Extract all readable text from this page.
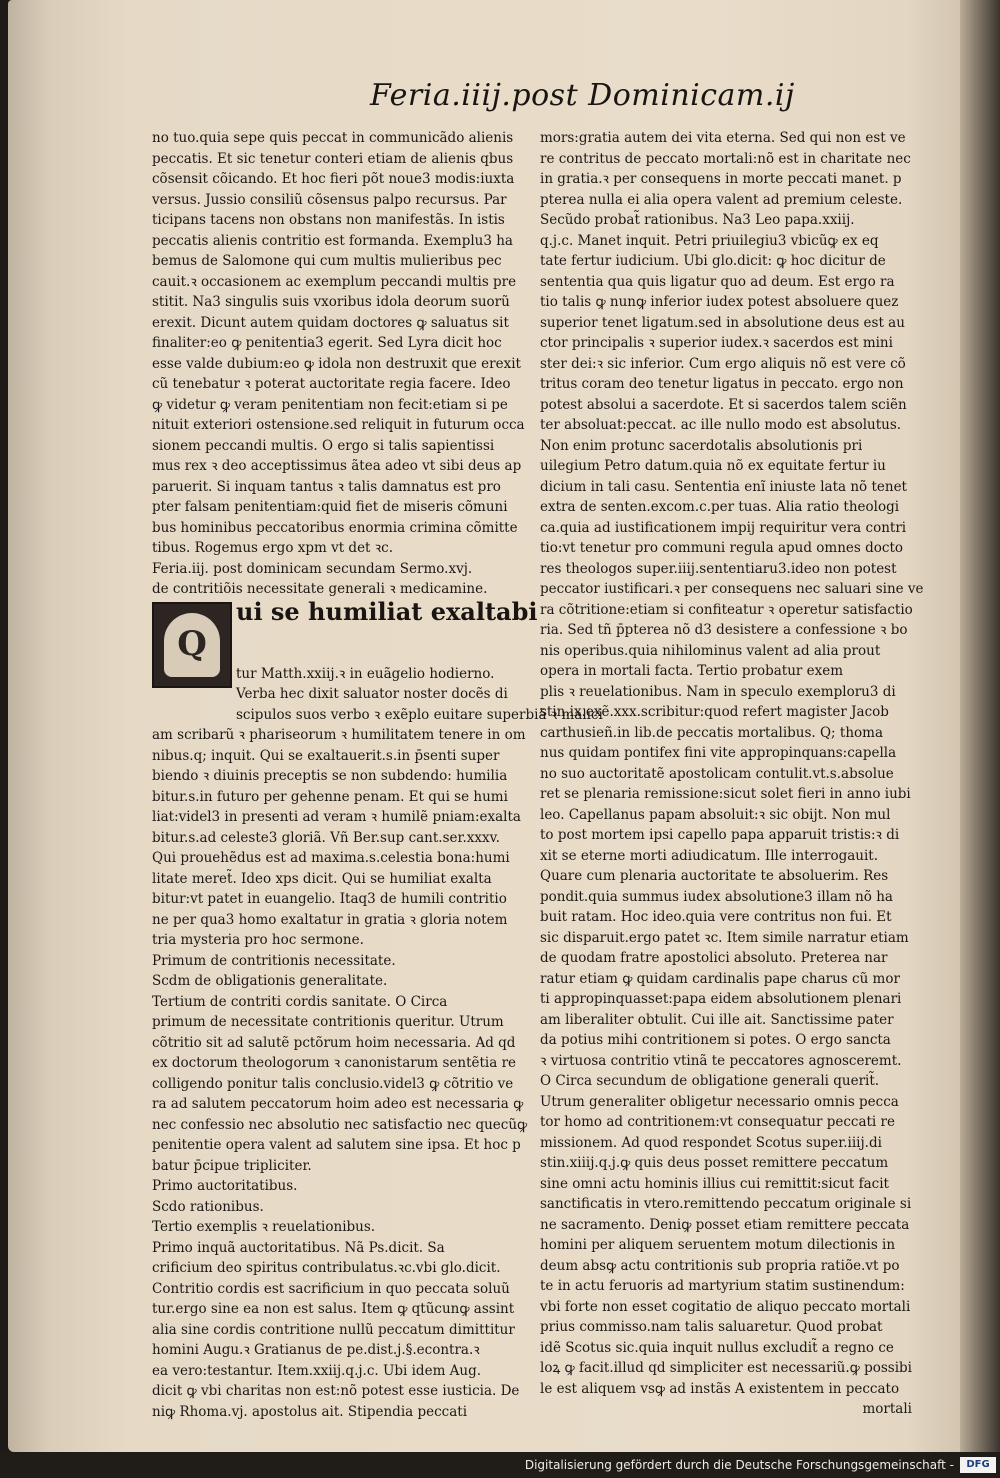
Feria.iiij.post Dominicam.ij
no tuo.quia sepe quis peccat in communicãdo alienis
peccatis. Et sic tenetur conteri etiam de alienis qbus
cõsensit cõicando. Et hoc fieri põt noue3 modis:iuxta
versus. Jussio consiliũ cõsensus palpo recursus. Par
ticipans tacens non obstans non manifestãs. In istis
peccatis alienis contritio est formanda. Exemplu3 ha
bemus de Salomone qui cum multis mulieribus pec
cauit.ꝛ occasionem ac exemplum peccandi multis pre
stitit. Na3 singulis suis vxoribus idola deorum suorũ
erexit. Dicunt autem quidam doctores ꝙ saluatus sit
finaliter:eo ꝙ penitentia3 egerit. Sed Lyra dicit hoc
esse valde dubium:eo ꝙ idola non destruxit que erexit
cũ tenebatur ꝛ poterat auctoritate regia facere. Ideo
ꝙ videtur ꝙ veram penitentiam non fecit:etiam si pe
nituit exteriori ostensione.sed reliquit in futurum occa
sionem peccandi multis. O ergo si talis sapientissi
mus rex ꝛ deo acceptissimus ãtea adeo vt sibi deus ap
paruerit. Si inquam tantus ꝛ talis damnatus est pro
pter falsam penitentiam:quid fiet de miseris cõmuni
bus hominibus peccatoribus enormia crimina cõmitte
tibus. Rogemus ergo xpm vt det ꝛc.
Feria.iij. post dominicam secundam Sermo.xvj.
de contritiõis necessitate generali ꝛ medicamine.
Q
ui se humiliat exaltabi
tur Matth.xxiij.ꝛ in euãgelio hodierno.
Verba hec dixit saluator noster docẽs di
scipulos suos verbo ꝛ exẽplo euitare superbiã ꝛ malici
am scribarũ ꝛ phariseorum ꝛ humilitatem tenere in om
nibus.q; inquit. Qui se exaltauerit.s.in p̄senti super
biendo ꝛ diuinis preceptis se non subdendo: humilia
bitur.s.in futuro per gehenne penam. Et qui se humi
liat:videl3 in presenti ad veram ꝛ humilẽ pniam:exalta
bitur.s.ad celeste3 gloriã. Vñ Ber.sup cant.ser.xxxv.
Qui prouehẽdus est ad maxima.s.celestia bona:humi
litate meret̃. Ideo xps dicit. Qui se humiliat exalta
bitur:vt patet in euangelio. Itaq3 de humili contritio
ne per qua3 homo exaltatur in gratia ꝛ gloria notem
tria mysteria pro hoc sermone.
Primum de contritionis necessitate.
Scdm de obligationis generalitate.
Tertium de contriti cordis sanitate. O Circa
primum de necessitate contritionis queritur. Utrum
cõtritio sit ad salutẽ pctõrum hoim necessaria. Ad qd
ex doctorum theologorum ꝛ canonistarum sentẽtia re
colligendo ponitur talis conclusio.videl3 ꝙ cõtritio ve
ra ad salutem peccatorum hoim adeo est necessaria ꝙ
nec confessio nec absolutio nec satisfactio nec quecũꝙ
penitentie opera valent ad salutem sine ipsa. Et hoc p
batur p̄cipue tripliciter.
Primo auctoritatibus.
Scdo rationibus.
Tertio exemplis ꝛ reuelationibus.
Primo inquã auctoritatibus. Nã Ps.dicit. Sa
crificium deo spiritus contribulatus.ꝛc.vbi glo.dicit.
Contritio cordis est sacrificium in quo peccata soluũ
tur.ergo sine ea non est salus. Item ꝙ qtũcunꝙ assint
alia sine cordis contritione nullũ peccatum dimittitur
homini Augu.ꝛ Gratianus de pe.dist.j.§.econtra.ꝛ
ea vero:testantur. Item.xxiij.q.j.c. Ubi idem Aug.
dicit ꝙ vbi charitas non est:nõ potest esse iusticia. De
niꝙ Rhoma.vj. apostolus ait. Stipendia peccati
mors:gratia autem dei vita eterna. Sed qui non est ve
re contritus de peccato mortali:nõ est in charitate nec
in gratia.ꝛ per consequens in morte peccati manet. p
pterea nulla ei alia opera valent ad premium celeste.
Secũdo probat̃ rationibus. Na3 Leo papa.xxiij.
q.j.c. Manet inquit. Petri priuilegiu3 vbicũꝙ ex eq
tate fertur iudicium. Ubi glo.dicit: ꝙ hoc dicitur de
sententia qua quis ligatur quo ad deum. Est ergo ra
tio talis ꝙ nunꝙ inferior iudex potest absoluere quez
superior tenet ligatum.sed in absolutione deus est au
ctor principalis ꝛ superior iudex.ꝛ sacerdos est mini
ster dei:ꝛ sic inferior. Cum ergo aliquis nõ est vere cõ
tritus coram deo tenetur ligatus in peccato. ergo non
potest absolui a sacerdote. Et si sacerdos talem sciẽn
ter absoluat:peccat. ac ille nullo modo est absolutus.
Non enim protunc sacerdotalis absolutionis pri
uilegium Petro datum.quia nõ ex equitate fertur iu
dicium in tali casu. Sententia enĩ iniuste lata nõ tenet
extra de senten.excom.c.per tuas. Alia ratio theologi
ca.quia ad iustificationem impij requiritur vera contri
tio:vt tenetur pro communi regula apud omnes docto
res theologos super.iiij.sententiaru3.ideo non potest
peccator iustificari.ꝛ per consequens nec saluari sine ve
ra cõtritione:etiam si confiteatur ꝛ operetur satisfactio
ria. Sed tñ p̄pterea nõ d3 desistere a confessione ꝛ bo
nis operibus.quia nihilominus valent ad alia prout
opera in mortali facta. Tertio probatur exem
plis ꝛ reuelationibus. Nam in speculo exemploru3 di
stin.ix.exẽ.xxx.scribitur:quod refert magister Jacob
carthusieñ.in lib.de peccatis mortalibus. Q; thoma
nus quidam pontifex fini vite appropinquans:capella
no suo auctoritatẽ apostolicam contulit.vt.s.absolue
ret se plenaria remissione:sicut solet fieri in anno iubi
leo. Capellanus papam absoluit:ꝛ sic obijt. Non mul
to post mortem ipsi capello papa apparuit tristis:ꝛ di
xit se eterne morti adiudicatum. Ille interrogauit.
Quare cum plenaria auctoritate te absoluerim. Res
pondit.quia summus iudex absolutione3 illam nõ ha
buit ratam. Hoc ideo.quia vere contritus non fui. Et
sic disparuit.ergo patet ꝛc. Item simile narratur etiam
de quodam fratre apostolici absoluto. Preterea nar
ratur etiam ꝙ quidam cardinalis pape charus cũ mor
ti appropinquasset:papa eidem absolutionem plenari
am liberaliter obtulit. Cui ille ait. Sanctissime pater
da potius mihi contritionem si potes. O ergo sancta
ꝛ virtuosa contritio vtinã te peccatores agnosceremt.
O Circa secundum de obligatione generali querit̃.
Utrum generaliter obligetur necessario omnis pecca
tor homo ad contritionem:vt consequatur peccati re
missionem. Ad quod respondet Scotus super.iiij.di
stin.xiiij.q.j.ꝙ quis deus posset remittere peccatum
sine omni actu hominis illius cui remittit:sicut facit
sanctificatis in vtero.remittendo peccatum originale si
ne sacramento. Deniꝙ posset etiam remittere peccata
homini per aliquem seruentem motum dilectionis in
deum absꝙ actu contritionis sub propria ratiõe.vt po
te in actu feruoris ad martyrium statim sustinendum:
vbi forte non esset cogitatio de aliquo peccato mortali
prius commisso.nam talis saluaretur. Quod probat
idẽ Scotus sic.quia inquit nullus excludit̃ a regno ce
loꝝ ꝙ facit.illud qd simpliciter est necessariũ.ꝙ possibi
le est aliquem vsꝙ ad instãs A existentem in peccato
mortali
Digitalisierung gefördert durch die Deutsche Forschungsgemeinschaft -	DFG
